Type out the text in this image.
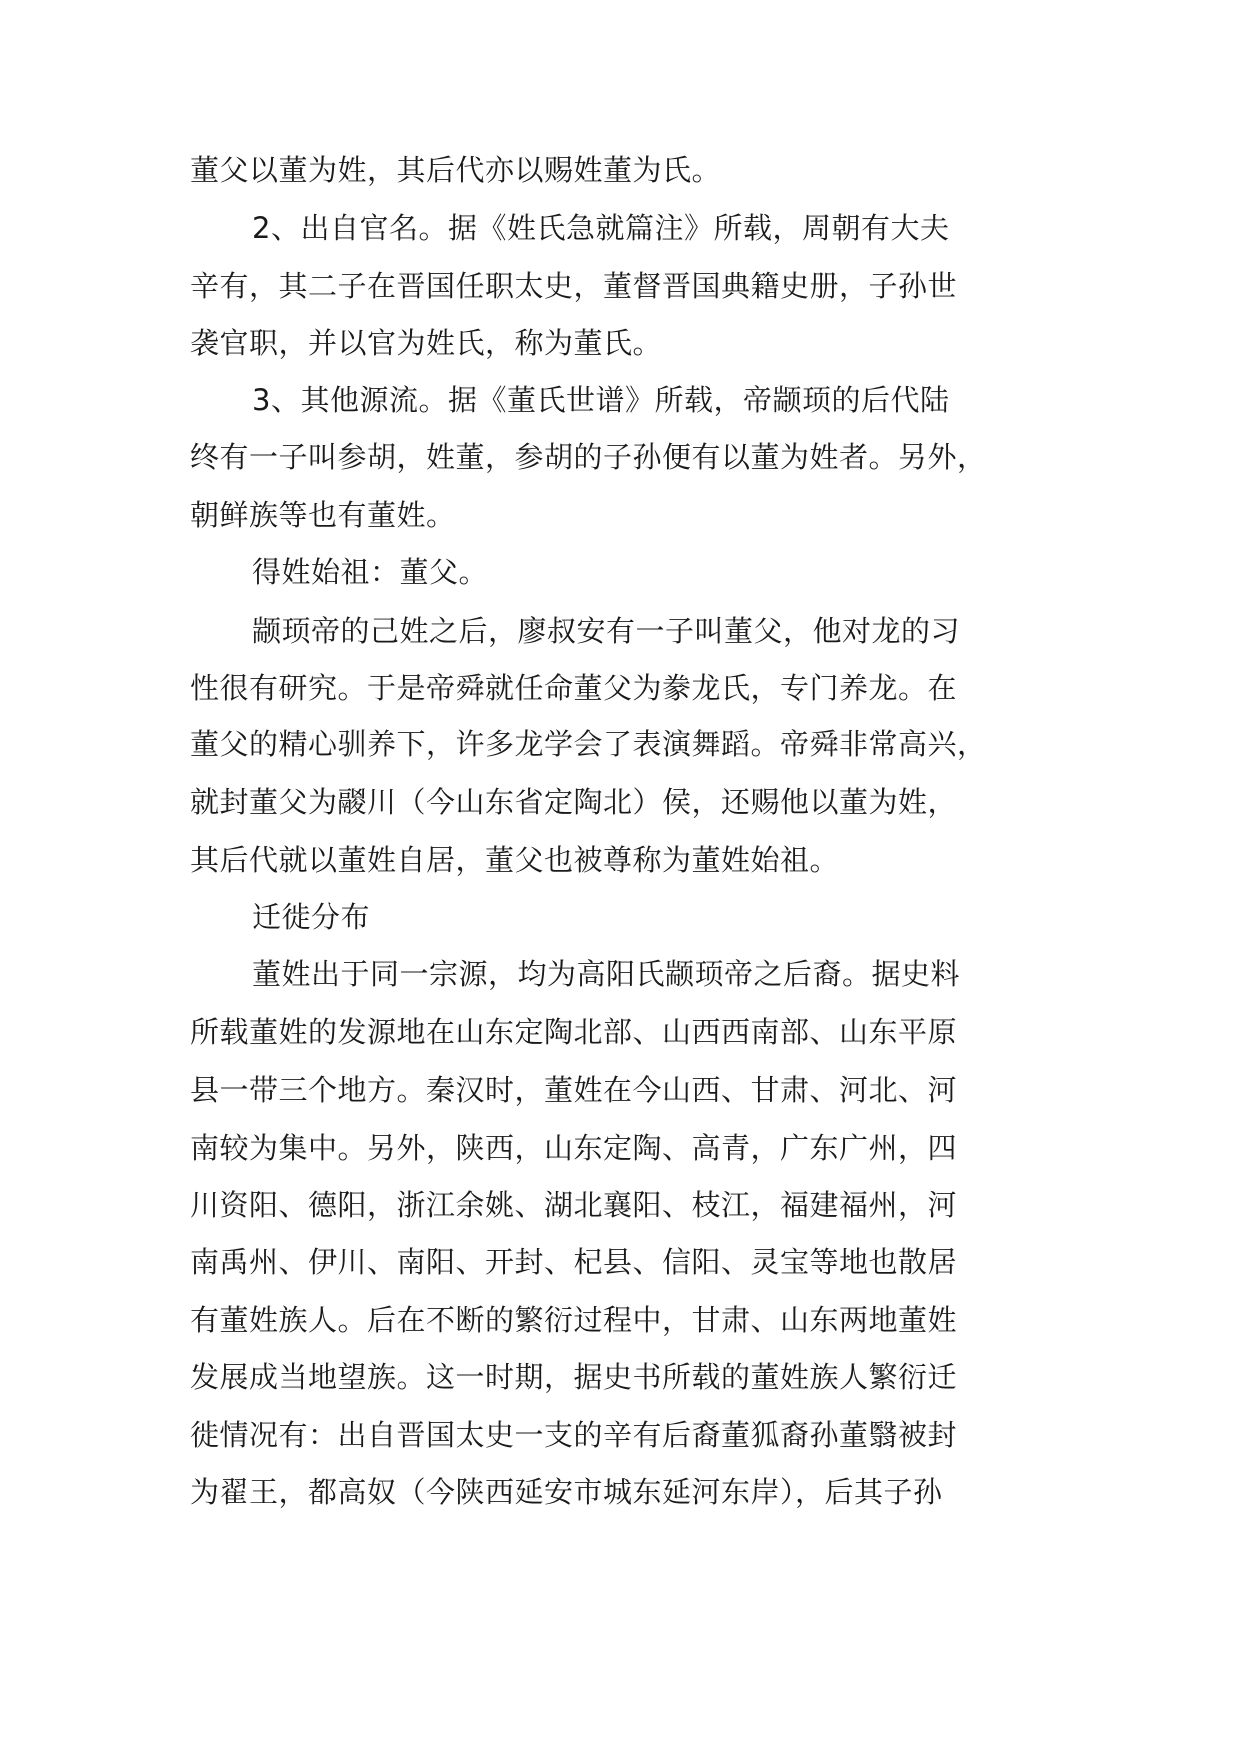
董父以董为姓，其后代亦以赐姓董为氏。
2、出自官名。据《姓氏急就篇注》所载，周朝有大夫
辛有，其二子在晋国任职太史，董督晋国典籍史册，子孙世
袭官职，并以官为姓氏，称为董氏。
3、其他源流。据《董氏世谱》所载，帝颛顼的后代陆
终有一子叫参胡，姓董，参胡的子孙便有以董为姓者。另外，
朝鲜族等也有董姓。
得姓始祖：董父。
颛顼帝的己姓之后，廖叔安有一子叫董父，他对龙的习
性很有研究。于是帝舜就任命董父为豢龙氏，专门养龙。在
董父的精心驯养下，许多龙学会了表演舞蹈。帝舜非常高兴，
就封董父为鬷川（今山东省定陶北）侯，还赐他以董为姓，
其后代就以董姓自居，董父也被尊称为董姓始祖。
迁徙分布
董姓出于同一宗源，均为高阳氏颛顼帝之后裔。据史料
所载董姓的发源地在山东定陶北部、山西西南部、山东平原
县一带三个地方。秦汉时，董姓在今山西、甘肃、河北、河
南较为集中。另外，陕西，山东定陶、高青，广东广州，四
川资阳、德阳，浙江余姚、湖北襄阳、枝江，福建福州，河
南禹州、伊川、南阳、开封、杞县、信阳、灵宝等地也散居
有董姓族人。后在不断的繁衍过程中，甘肃、山东两地董姓
发展成当地望族。这一时期，据史书所载的董姓族人繁衍迁
徙情况有：出自晋国太史一支的辛有后裔董狐裔孙董翳被封
为翟王，都高奴（今陕西延安市城东延河东岸），后其子孙
